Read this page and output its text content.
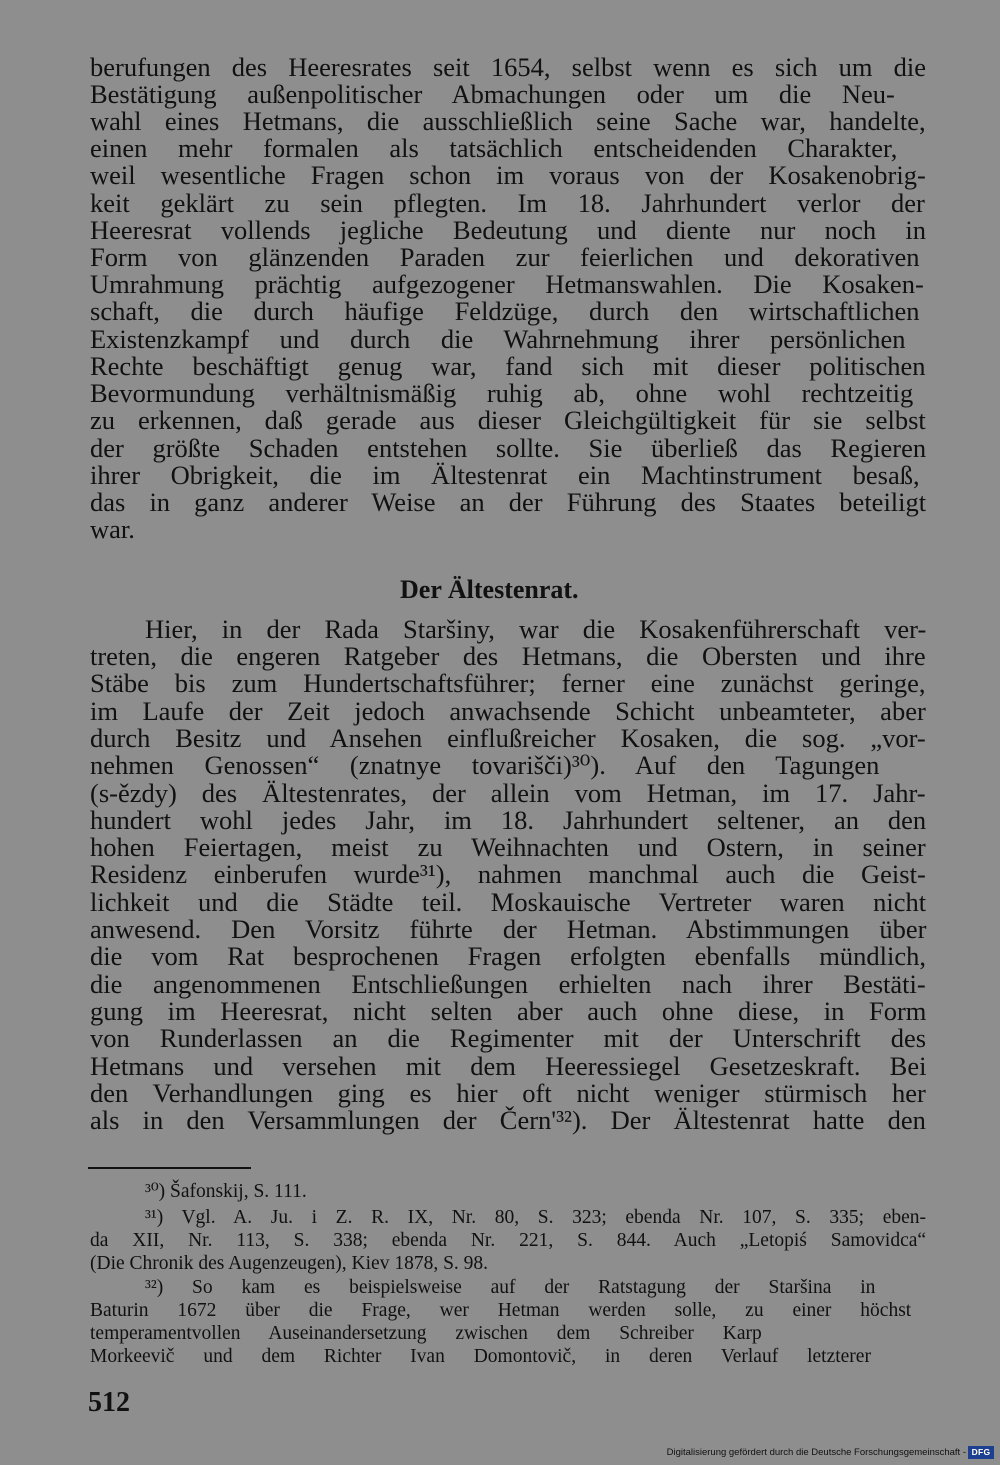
berufungen des Heeresrates seit 1654, selbst wenn es sich um die
Bestätigung außenpolitischer Abmachungen oder um die Neu-
wahl eines Hetmans, die ausschließlich seine Sache war, handelte,
einen mehr formalen als tatsächlich entscheidenden Charakter,
weil wesentliche Fragen schon im voraus von der Kosakenobrig-
keit geklärt zu sein pflegten. Im 18. Jahrhundert verlor der
Heeresrat vollends jegliche Bedeutung und diente nur noch in
Form von glänzenden Paraden zur feierlichen und dekorativen
Umrahmung prächtig aufgezogener Hetmanswahlen. Die Kosaken-
schaft, die durch häufige Feldzüge, durch den wirtschaftlichen
Existenzkampf und durch die Wahrnehmung ihrer persönlichen
Rechte beschäftigt genug war, fand sich mit dieser politischen
Bevormundung verhältnismäßig ruhig ab, ohne wohl rechtzeitig
zu erkennen, daß gerade aus dieser Gleichgültigkeit für sie selbst
der größte Schaden entstehen sollte. Sie überließ das Regieren
ihrer Obrigkeit, die im Ältestenrat ein Machtinstrument besaß,
das in ganz anderer Weise an der Führung des Staates beteiligt
war.
Der Ältestenrat.
Hier, in der Rada Staršiny, war die Kosakenführerschaft ver-
treten, die engeren Ratgeber des Hetmans, die Obersten und ihre
Stäbe bis zum Hundertschaftsführer; ferner eine zunächst geringe,
im Laufe der Zeit jedoch anwachsende Schicht unbeamteter, aber
durch Besitz und Ansehen einflußreicher Kosaken, die sog. „vor-
nehmen Genossen“ (znatnye tovarišči)³⁰). Auf den Tagungen
(s-ězdy) des Ältestenrates, der allein vom Hetman, im 17. Jahr-
hundert wohl jedes Jahr, im 18. Jahrhundert seltener, an den
hohen Feiertagen, meist zu Weihnachten und Ostern, in seiner
Residenz einberufen wurde³¹), nahmen manchmal auch die Geist-
lichkeit und die Städte teil. Moskauische Vertreter waren nicht
anwesend. Den Vorsitz führte der Hetman. Abstimmungen über
die vom Rat besprochenen Fragen erfolgten ebenfalls mündlich,
die angenommenen Entschließungen erhielten nach ihrer Bestäti-
gung im Heeresrat, nicht selten aber auch ohne diese, in Form
von Runderlassen an die Regimenter mit der Unterschrift des
Hetmans und versehen mit dem Heeressiegel Gesetzeskraft. Bei
den Verhandlungen ging es hier oft nicht weniger stürmisch her
als in den Versammlungen der Čern'³²). Der Ältestenrat hatte den
³⁰) Šafonskij, S. 111.
³¹) Vgl. A. Ju. i Z. R. IX, Nr. 80, S. 323; ebenda Nr. 107, S. 335; eben-
da XII, Nr. 113, S. 338; ebenda Nr. 221, S. 844. Auch „Letopiś Samovidca“
(Die Chronik des Augenzeugen), Kiev 1878, S. 98.
³²) So kam es beispielsweise auf der Ratstagung der Staršina in
Baturin 1672 über die Frage, wer Hetman werden solle, zu einer höchst
temperamentvollen Auseinandersetzung zwischen dem Schreiber Karp
Morkeevič und dem Richter Ivan Domontovič, in deren Verlauf letzterer
512
Digitalisierung gefördert durch die Deutsche Forschungsgemeinschaft - DFG
